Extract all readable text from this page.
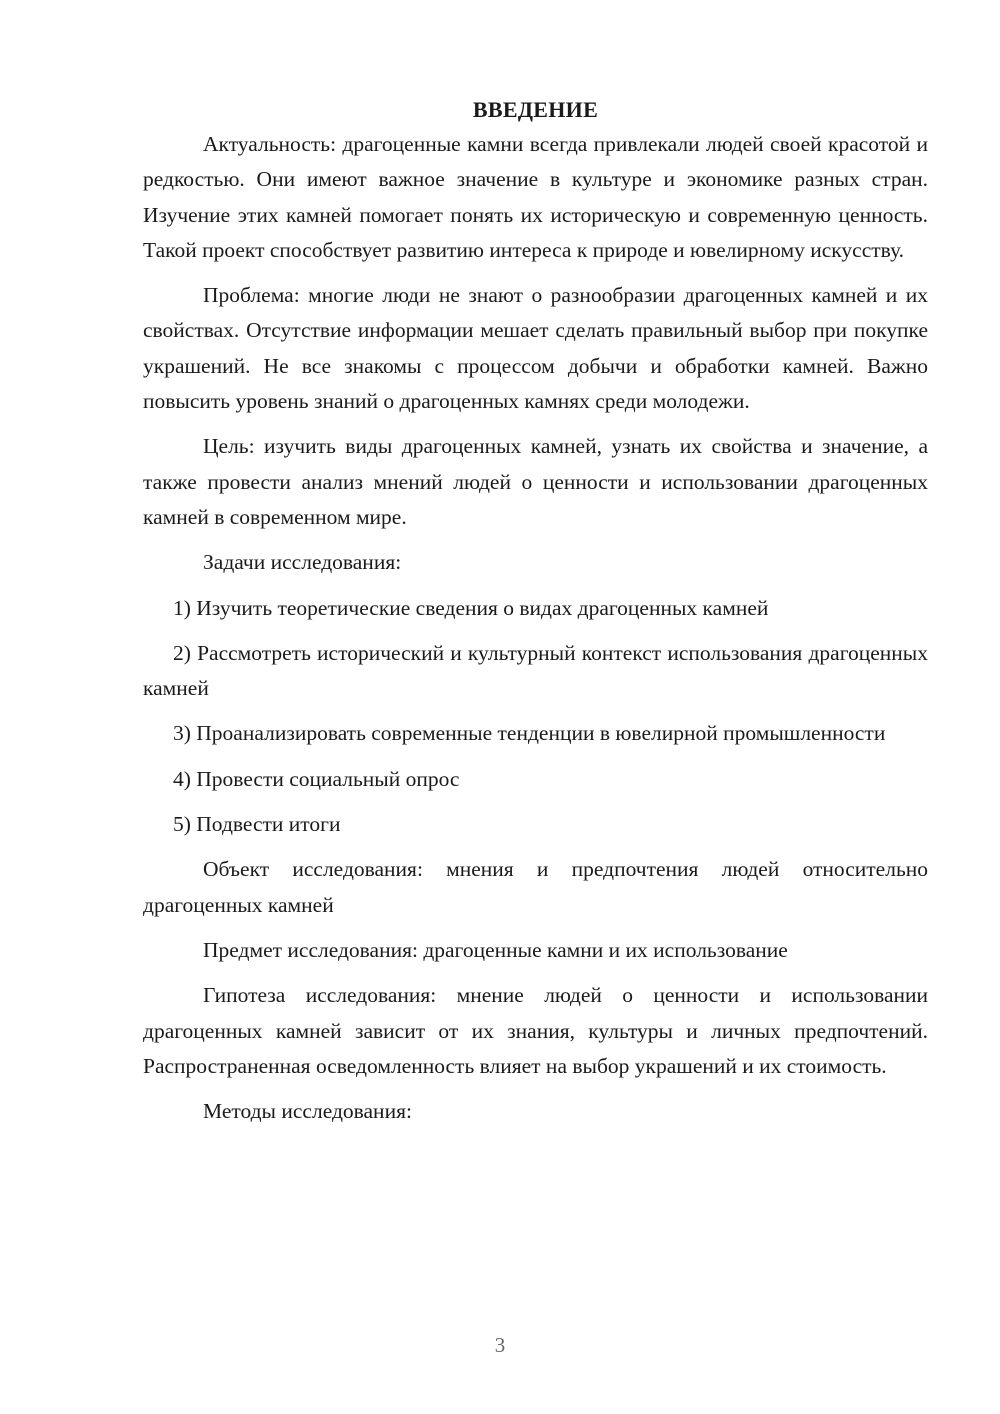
ВВЕДЕНИЕ

Актуальность: драгоценные камни всегда привлекали людей своей красотой и редкостью. Они имеют важное значение в культуре и экономике разных стран. Изучение этих камней помогает понять их историческую и современную ценность. Такой проект способствует развитию интереса к природе и ювелирному искусству.

Проблема: многие люди не знают о разнообразии драгоценных камней и их свойствах. Отсутствие информации мешает сделать правильный выбор при покупке украшений. Не все знакомы с процессом добычи и обработки камней. Важно повысить уровень знаний о драгоценных камнях среди молодежи.

Цель: изучить виды драгоценных камней, узнать их свойства и значение, а также провести анализ мнений людей о ценности и использовании драгоценных камней в современном мире.

Задачи исследования:

1) Изучить теоретические сведения о видах драгоценных камней

2) Рассмотреть исторический и культурный контекст использования драгоценных камней

3) Проанализировать современные тенденции в ювелирной промышленности

4) Провести социальный опрос

5) Подвести итоги

Объект исследования: мнения и предпочтения людей относительно драгоценных камней

Предмет исследования: драгоценные камни и их использование

Гипотеза исследования: мнение людей о ценности и использовании драгоценных камней зависит от их знания, культуры и личных предпочтений. Распространенная осведомленность влияет на выбор украшений и их стоимость.

Методы исследования:

3
